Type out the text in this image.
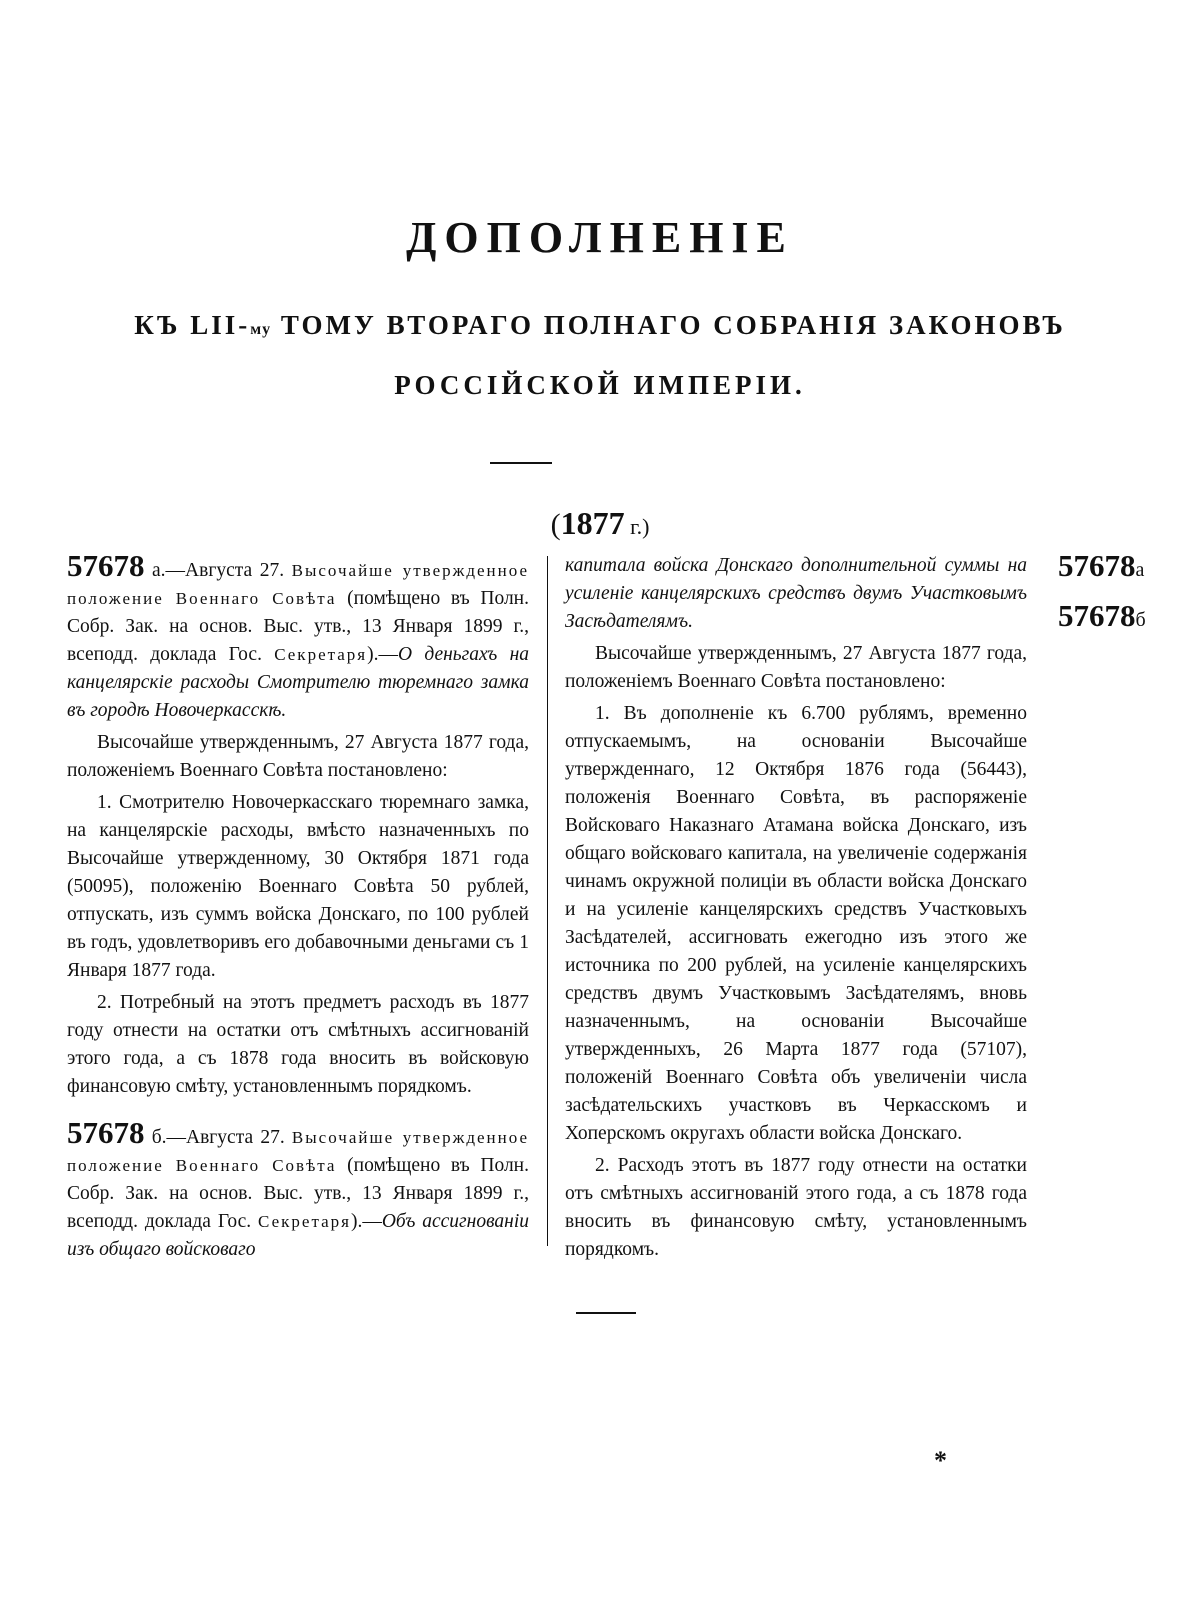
ДОПОЛНЕНІЕ
КЪ LII-му ТОМУ ВТОРАГО ПОЛНАГО СОБРАНІЯ ЗАКОНОВЪ
РОССІЙСКОЙ ИМПЕРІИ.
(1877 г.)
57678 а.—Августа 27. Высочайше утвержденное положение Военнаго Совѣта (помѣщено въ Полн. Собр. Зак. на основ. Выс. утв., 13 Января 1899 г., всеподд. доклада Гос. Секретаря).—О деньгахъ на канцелярскіе расходы Смотрителю тюремнаго замка въ городѣ Новочеркасскѣ.

Высочайше утвержденнымъ, 27 Августа 1877 года, положеніемъ Военнаго Совѣта постановлено:

1. Смотрителю Новочеркасскаго тюремнаго замка, на канцелярскіе расходы, вмѣсто назначенныхъ по Высочайше утвержденному, 30 Октября 1871 года (50095), положенію Военнаго Совѣта 50 рублей, отпускать, изъ суммъ войска Донскаго, по 100 рублей въ годъ, удовлетворивъ его добавочными деньгами съ 1 Января 1877 года.

2. Потребный на этотъ предметъ расходъ въ 1877 году отнести на остатки отъ смѣтныхъ ассигнованій этого года, а съ 1878 года вносить въ войсковую финансовую смѣту, установленнымъ порядкомъ.

57678 б.—Августа 27. Высочайше утвержденное положение Военнаго Совѣта (помѣщено въ Полн. Собр. Зак. на основ. Выс. утв., 13 Января 1899 г., всеподд. доклада Гос. Секретаря).—Объ ассигнованіи изъ общаго войсковаго
капитала войска Донскаго дополнительной суммы на усиленіе канцелярскихъ средствъ двумъ Участковымъ Засѣдателямъ.

Высочайше утвержденнымъ, 27 Августа 1877 года, положеніемъ Военнаго Совѣта постановлено:

1. Въ дополненіе къ 6.700 рублямъ, временно отпускаемымъ, на основаніи Высочайше утвержденнаго, 12 Октября 1876 года (56443), положенія Военнаго Совѣта, въ распоряженіе Войсковаго Наказнаго Атамана войска Донскаго, изъ общаго войсковаго капитала, на увеличеніе содержанія чинамъ окружной полиціи въ области войска Донскаго и на усиленіе канцелярскихъ средствъ Участковыхъ Засѣдателей, ассигновать ежегодно изъ этого же источника по 200 рублей, на усиленіе канцелярскихъ средствъ двумъ Участковымъ Засѣдателямъ, вновь назначеннымъ, на основаніи Высочайше утвержденныхъ, 26 Марта 1877 года (57107), положеній Военнаго Совѣта объ увеличеніи числа засѣдательскихъ участковъ въ Черкасскомъ и Хоперскомъ округахъ области войска Донскаго.

2. Расходъ этотъ въ 1877 году отнести на остатки отъ смѣтныхъ ассигнованій этого года, а съ 1878 года вносить въ финансовую смѣту, установленнымъ порядкомъ.

57678а
57678б
*
